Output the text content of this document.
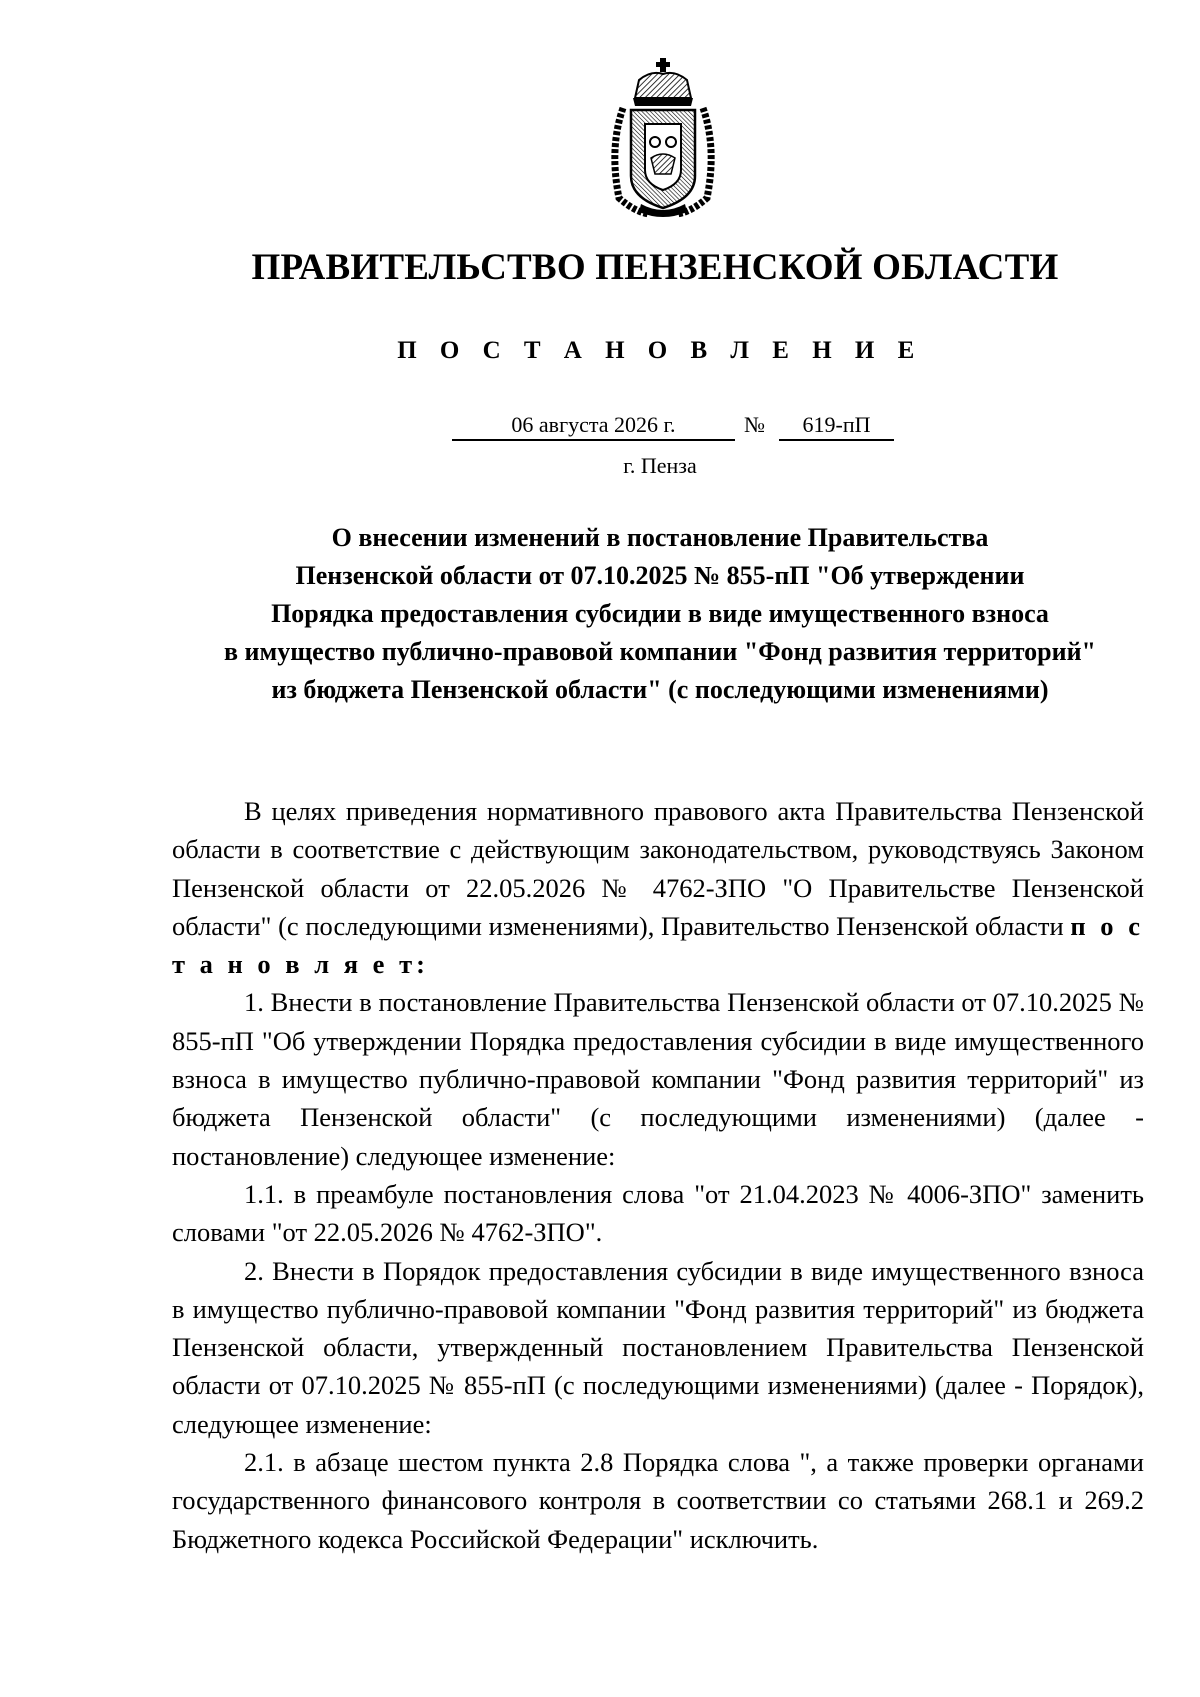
ПРАВИТЕЛЬСТВО ПЕНЗЕНСКОЙ ОБЛАСТИ
П О С Т А Н О В Л Е Н И Е
06 августа 2026 г.	№	619-пП
г. Пенза
О внесении изменений в постановление Правительства
Пензенской области от 07.10.2025 № 855-пП "Об утверждении
Порядка предоставления субсидии в виде имущественного взноса
в имущество публично-правовой компании "Фонд развития территорий"
из бюджета Пензенской области" (с последующими изменениями)

В целях приведения нормативного правового акта Правительства Пензенской области в соответствие с действующим законодательством, руководствуясь Законом Пензенской области от 22.05.2026 № 4762-ЗПО "О Правительстве Пензенской области" (с последующими изменениями), Правительство Пензенской области п о с т а н о в л я е т:

1. Внести в постановление Правительства Пензенской области от 07.10.2025 № 855-пП "Об утверждении Порядка предоставления субсидии в виде имущественного взноса в имущество публично-правовой компании "Фонд развития территорий" из бюджета Пензенской области" (с последующими изменениями) (далее - постановление) следующее изменение:

1.1. в преамбуле постановления слова "от 21.04.2023 № 4006-ЗПО" заменить словами "от 22.05.2026 № 4762-ЗПО".

2. Внести в Порядок предоставления субсидии в виде имущественного взноса в имущество публично-правовой компании "Фонд развития территорий" из бюджета Пензенской области, утвержденный постановлением Правительства Пензенской области от 07.10.2025 № 855-пП (с последующими изменениями) (далее - Порядок), следующее изменение:

2.1. в абзаце шестом пункта 2.8 Порядка слова ", а также проверки органами государственного финансового контроля в соответствии со статьями 268.1 и 269.2 Бюджетного кодекса Российской Федерации" исключить.
